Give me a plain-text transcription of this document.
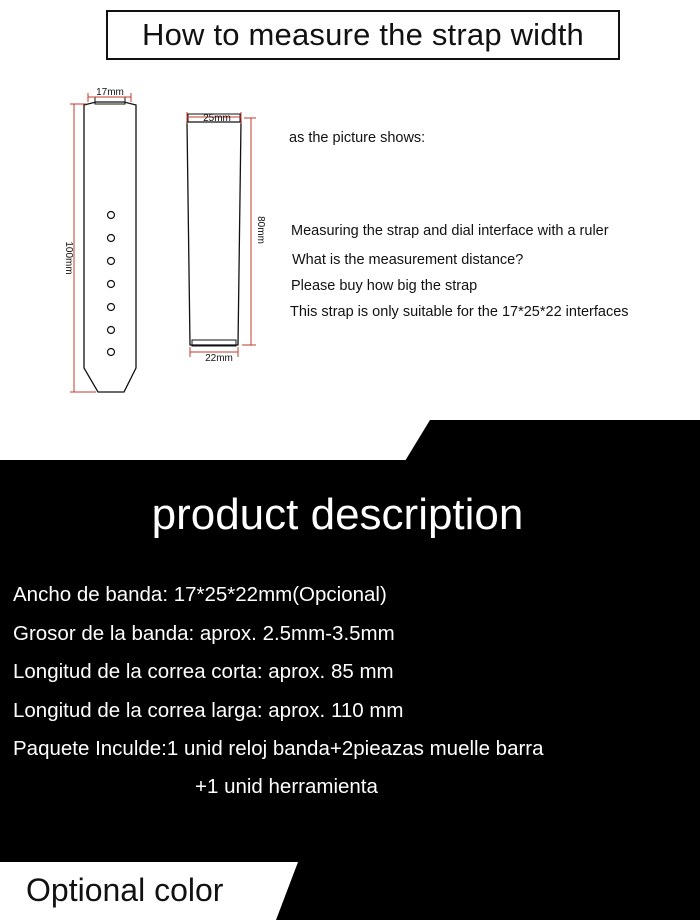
How to measure the strap width
17mm
100mm
25mm
80mm
22mm
as the picture shows:
Measuring the strap and dial interface with a ruler
What is the measurement distance?
Please buy how big the strap
This strap is only suitable for the 17*25*22 interfaces
product description
Ancho de banda: 17*25*22mm(Opcional)
Grosor de la banda: aprox. 2.5mm-3.5mm
Longitud de la correa corta: aprox. 85 mm
Longitud de la correa larga: aprox. 110 mm
Paquete Inculde:1 unid reloj banda+2pieazas muelle barra
+1 unid herramienta
Optional color
